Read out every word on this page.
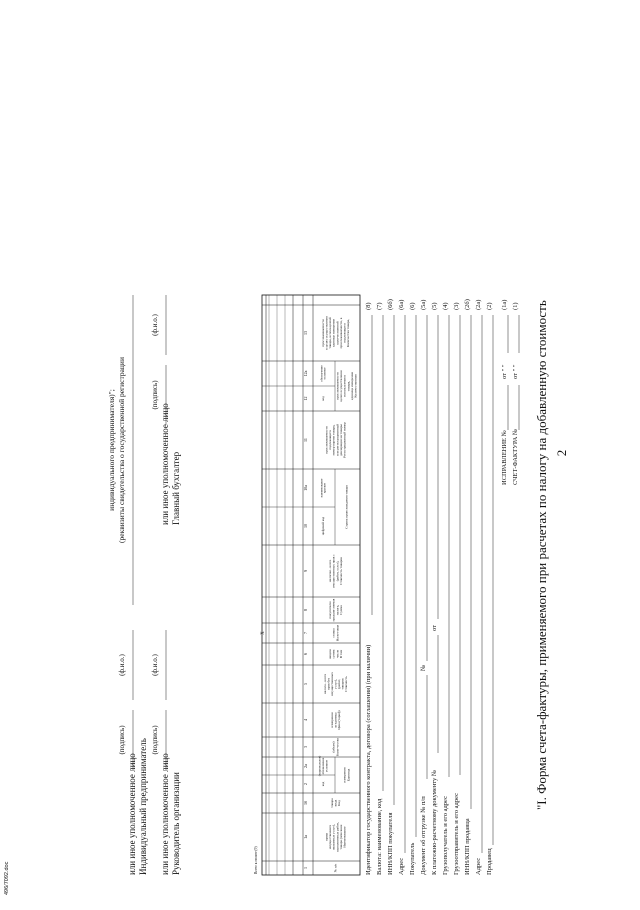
2
"I. Форма счета-фактуры, применяемого при расчетах по налогу на добавленную стоимость
СЧЕТ-ФАКТУРА №
от " "
(1)
ИСПРАВЛЕНИЕ №
от " "
(1а)
Продавец
(2)
Адрес
(2а)
ИНН/КПП продавца
(2б)
Грузоотправитель и его адрес
(3)
Грузополучатель и его адрес
(4)
К платежно-расчетному документу №
от
(5)
Документ об отгрузке № п/п
№
(5а)
Покупатель
(6)
Адрес
(6а)
ИНН/КПП покупателя
(6б)
Валюта: наименование, код
(7)
Идентификатор государственного контракта, договора (соглашения) (при наличии)
(8)
№ п/п
1
Наименованиетовара (описаниевыполненных работ,оказанных услуг),имущественногоправа
1а
Кодвидатовара
1б
Единицаизмерения
код
2
условноеобозначение(национальное)
2а
Коли-чество(объем)
3
Цена (тариф)за единицуизмерения
4
Стоимостьтоваров(работ,услуг),имущественныхправ безналога - всего
5
В томчислесуммаакциза
6
Нало-говаяставка
7
Сумманалога,предъяв-ляемаяпокупателю
8
Стоимость товаров(работ, услуг),имущественных прав сналогом - всего
9
Страна происхождения товара
цифровой код
10
краткоенаименование
10а
Регистрационный номердекларации на товарыили регистрационныйномер партии товара,подлежащегопрослеживаемости
11
Количественнаяединица измерениятовара,используемая вцелях осуществленияпрослеживаемости
код
12
условноеобозначение
12а
Количество товара,подлежащегопрослеживаемости, вколичественнойединице измерениятовара, используемойв целях осуществленияпрослеживаемости
13
Всего к оплате (9)
Х
Руководитель организации
или иное уполномоченное лицо
(подпись)
(ф.и.о.)
Главный бухгалтер
или иное уполномоченное лицо
(подпись)
(ф.и.о.)
Индивидуальный предприниматель
или иное уполномоченное лицо
(подпись)
(ф.и.о.)
(реквизиты свидетельства о государственной регистрации
индивидуального предпринимателя)";
496/7092.doc
